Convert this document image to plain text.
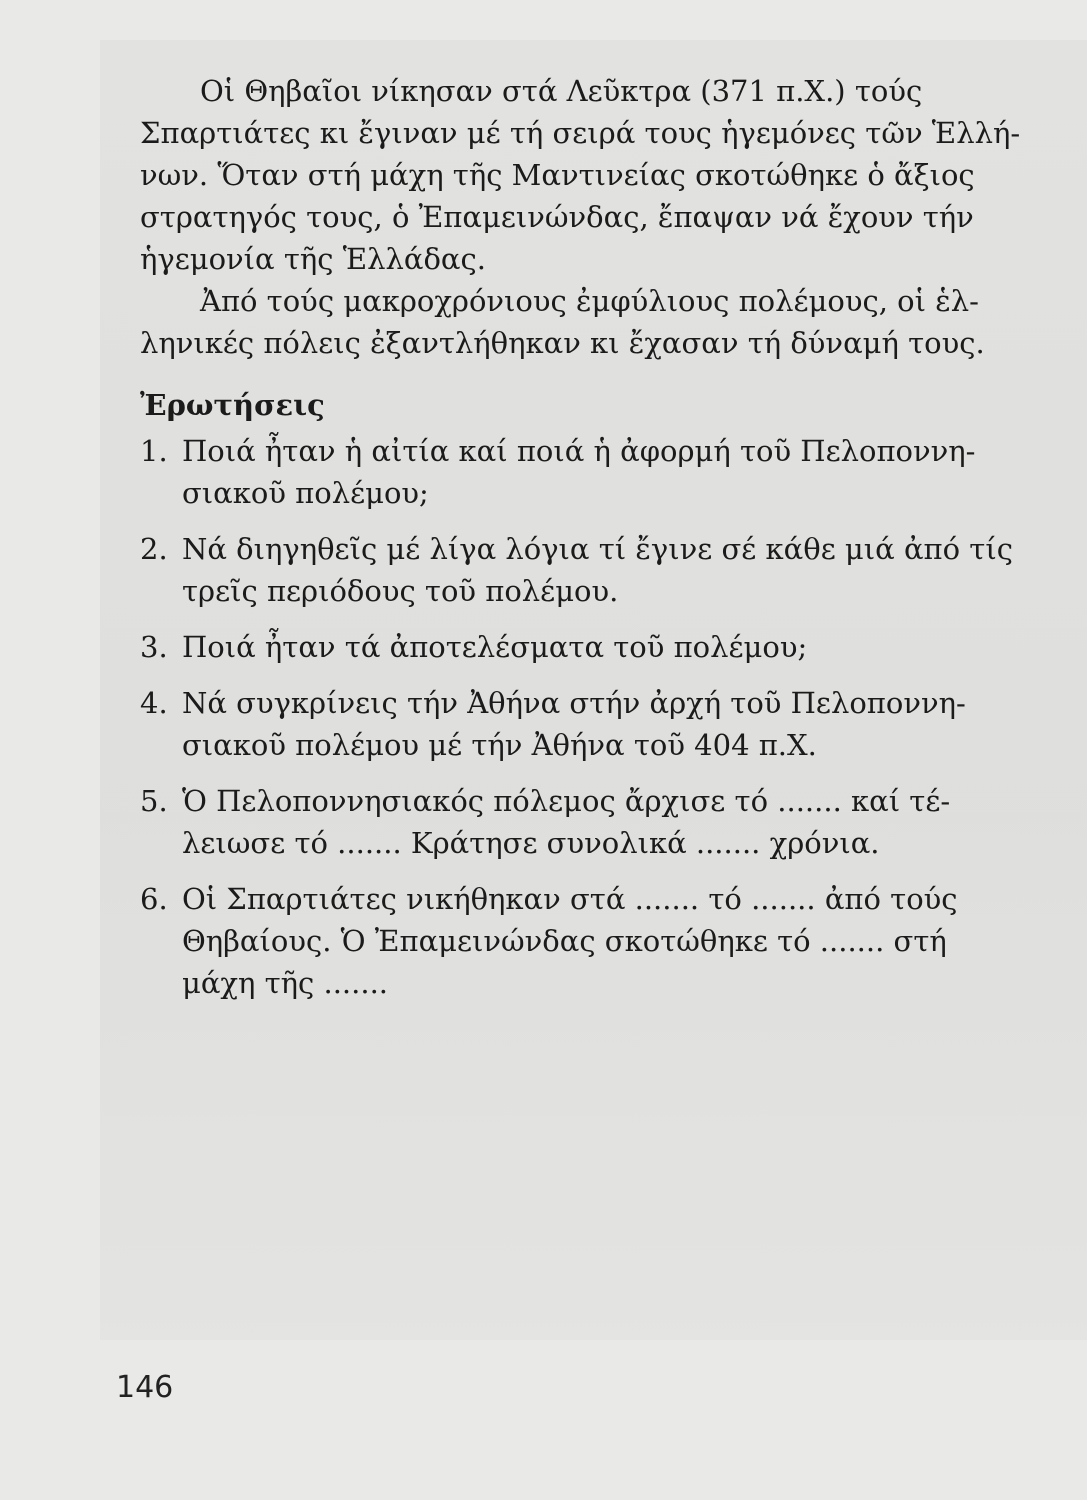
Οἱ Θηβαῖοι νίκησαν στά Λεῦκτρα (371 π.Χ.) τούς
Σπαρτιάτες κι ἔγιναν μέ τή σειρά τους ἡγεμόνες τῶν Ἑλλή-
νων. Ὅταν στή μάχη τῆς Μαντινείας σκοτώθηκε ὁ ἄξιος
στρατηγός τους, ὁ Ἐπαμεινώνδας, ἔπαψαν νά ἔχουν τήν
ἡγεμονία τῆς Ἑλλάδας.

Ἀπό τούς μακροχρόνιους ἐμφύλιους πολέμους, οἱ ἑλ-
ληνικές πόλεις ἐξαντλήθηκαν κι ἔχασαν τή δύναμή τους.

Ἐρωτήσεις
1. Ποιά ἦταν ἡ αἰτία καί ποιά ἡ ἀφορμή τοῦ Πελοποννη-
σιακοῦ πολέμου;
2. Νά διηγηθεῖς μέ λίγα λόγια τί ἔγινε σέ κάθε μιά ἀπό τίς
τρεῖς περιόδους τοῦ πολέμου.
3. Ποιά ἦταν τά ἀποτελέσματα τοῦ πολέμου;
4. Νά συγκρίνεις τήν Ἀθήνα στήν ἀρχή τοῦ Πελοποννη-
σιακοῦ πολέμου μέ τήν Ἀθήνα τοῦ 404 π.Χ.
5. Ὁ Πελοποννησιακός πόλεμος ἄρχισε τό ....... καί τέ-
λειωσε τό ....... Κράτησε συνολικά ....... χρόνια.
6. Οἱ Σπαρτιάτες νικήθηκαν στά ....... τό ....... ἀπό τούς
Θηβαίους. Ὁ Ἐπαμεινώνδας σκοτώθηκε τό ....... στή
μάχη τῆς .......
146
